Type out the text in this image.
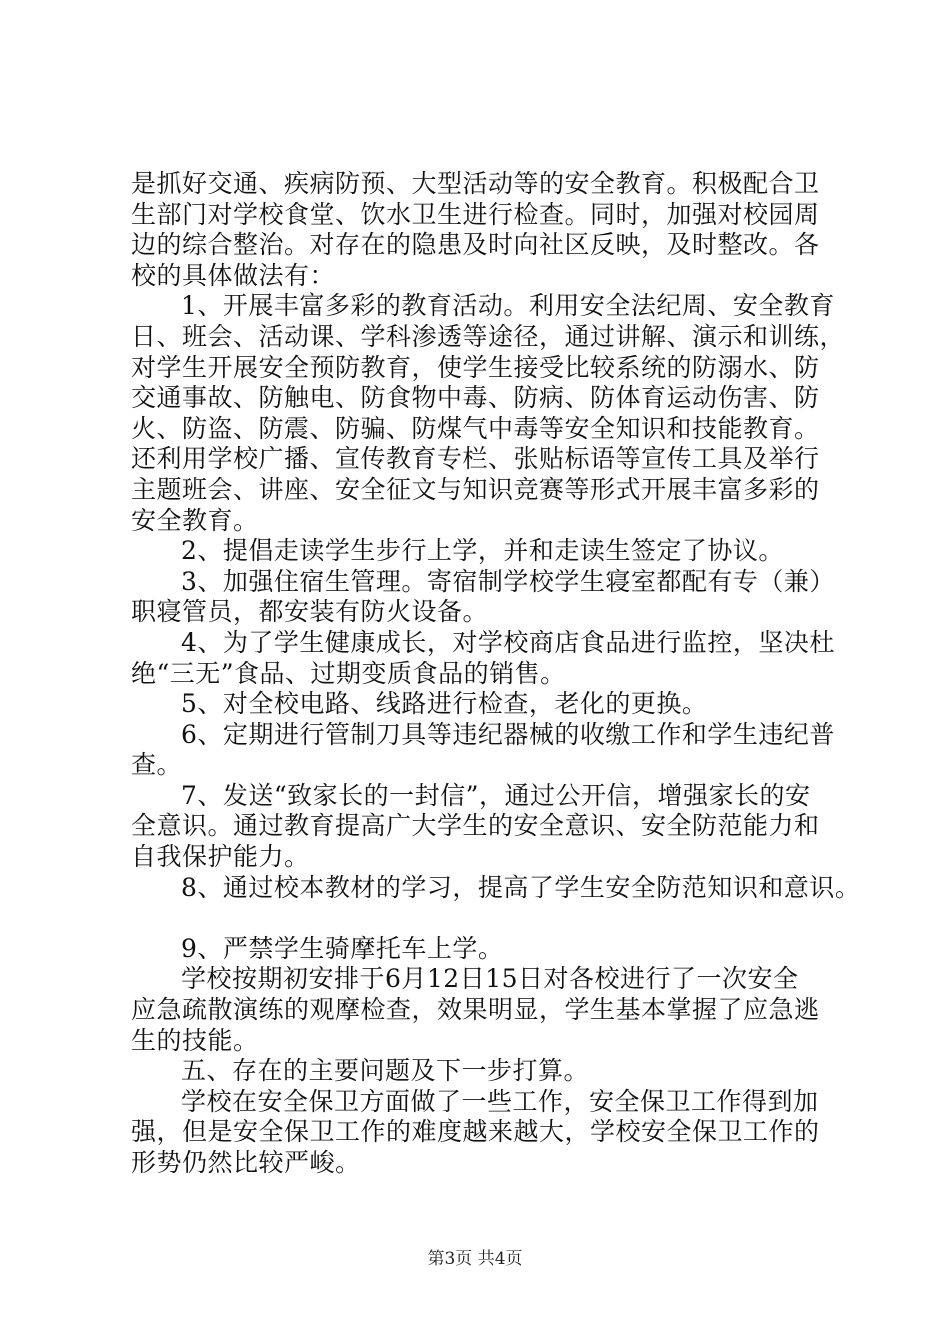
是抓好交通、疾病防预、大型活动等的安全教育。积极配合卫
生部门对学校食堂、饮水卫生进行检查。同时，加强对校园周
边的综合整治。对存在的隐患及时向社区反映，及时整改。各
校的具体做法有：
1、开展丰富多彩的教育活动。利用安全法纪周、安全教育
日、班会、活动课、学科渗透等途径，通过讲解、演示和训练，
对学生开展安全预防教育，使学生接受比较系统的防溺水、防
交通事故、防触电、防食物中毒、防病、防体育运动伤害、防
火、防盗、防震、防骗、防煤气中毒等安全知识和技能教育。
还利用学校广播、宣传教育专栏、张贴标语等宣传工具及举行
主题班会、讲座、安全征文与知识竞赛等形式开展丰富多彩的
安全教育。
2、提倡走读学生步行上学，并和走读生签定了协议。
3、加强住宿生管理。寄宿制学校学生寝室都配有专（兼）
职寝管员，都安装有防火设备。
4、为了学生健康成长，对学校商店食品进行监控，坚决杜
绝“三无”食品、过期变质食品的销售。
5、对全校电路、线路进行检查，老化的更换。
6、定期进行管制刀具等违纪器械的收缴工作和学生违纪普
查。
7、发送“致家长的一封信”，通过公开信，增强家长的安
全意识。通过教育提高广大学生的安全意识、安全防范能力和
自我保护能力。
8、通过校本教材的学习，提高了学生安全防范知识和意识。
9、严禁学生骑摩托车上学。
学校按期初安排于6月12日15日对各校进行了一次安全
应急疏散演练的观摩检查，效果明显，学生基本掌握了应急逃
生的技能。
五、存在的主要问题及下一步打算。
学校在安全保卫方面做了一些工作，安全保卫工作得到加
强，但是安全保卫工作的难度越来越大，学校安全保卫工作的
形势仍然比较严峻。
第3页 共4页
